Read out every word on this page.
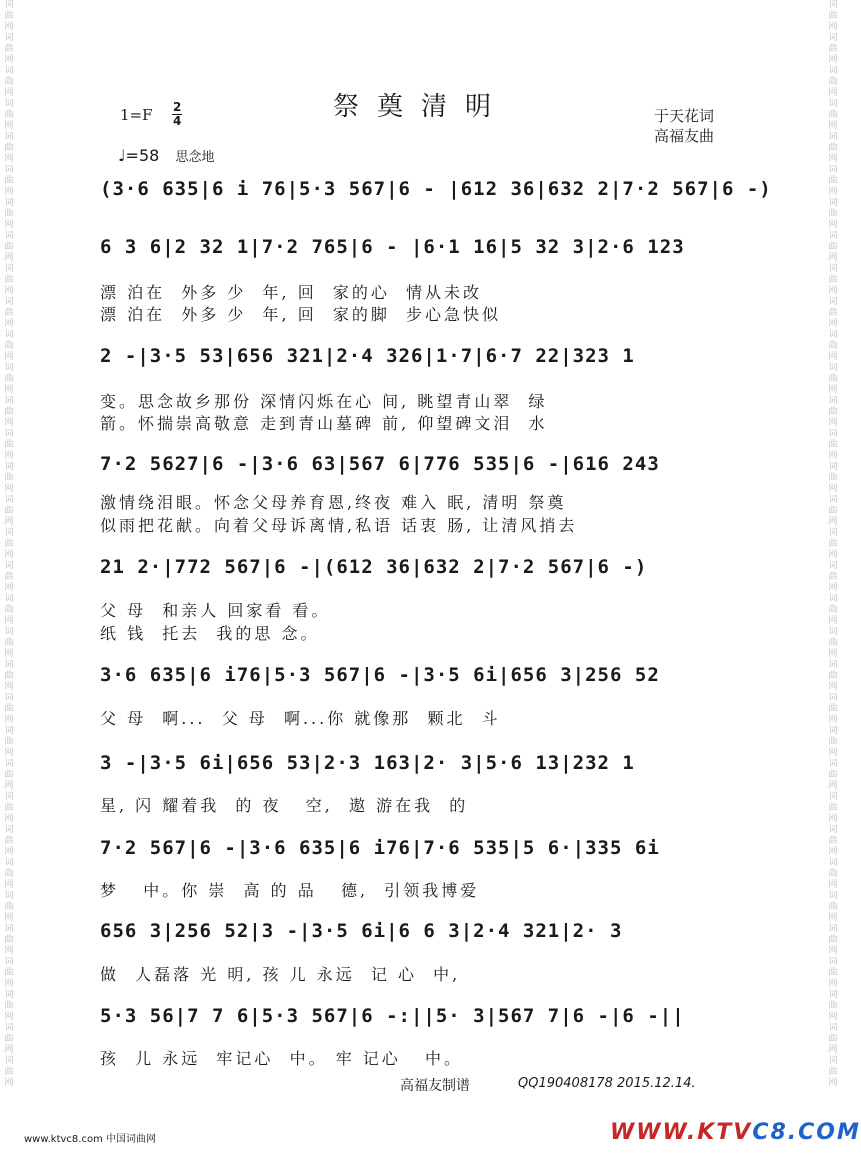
词曲网词曲网词曲网词曲网词曲网词曲网词曲网词曲网词曲网词曲网词曲网词曲网词曲网词曲网词曲网词曲网词曲网词曲网词曲网词曲网词曲网词曲网词曲网词曲网词曲网词曲网词曲网词曲网词曲网词曲网词曲网词曲网词曲网
词曲网词曲网词曲网词曲网词曲网词曲网词曲网词曲网词曲网词曲网词曲网词曲网词曲网词曲网词曲网词曲网词曲网词曲网词曲网词曲网词曲网词曲网词曲网词曲网词曲网词曲网词曲网词曲网词曲网词曲网词曲网词曲网词曲网
祭奠清明
1=F 2
4	于天花词
高福友曲
♩=58 思念地
(3·6 635|6 i 76|5·3 567|6 - |612 36|632 2|7·2 567|6 -)
6 3 6|2 32 1|7·2 765|6 - |6·1 16|5 32 3|2·6 123
漂 泊在  外多 少  年, 回  家的心  情从未改
漂 泊在  外多 少  年, 回  家的脚  步心急快似
2 -|3·5 53|656 321|2·4 326|1·7|6·7 22|323 1
变。思念故乡那份 深情闪烁在心 间, 眺望青山翠  绿
箭。怀揣崇高敬意 走到青山墓碑 前, 仰望碑文泪  水
7·2 5627|6 -|3·6 63|567 6|776 535|6 -|616 243
激情绕泪眼。怀念父母养育恩,终夜 难入 眠, 清明 祭奠
似雨把花献。向着父母诉离情,私语 话衷 肠, 让清风捎去
21 2·|772 567|6 -|(612 36|632 2|7·2 567|6 -)
父 母  和亲人 回家看 看。
纸 钱  托去  我的思 念。
3·6 635|6 i76|5·3 567|6 -|3·5 6i|656 3|256 52
父 母  啊...  父 母  啊...你 就像那  颗北  斗
3 -|3·5 6i|656 53|2·3 163|2· 3|5·6 13|232 1
星, 闪 耀着我  的 夜   空,  遨 游在我  的
7·2 567|6 -|3·6 635|6 i76|7·6 535|5 6·|335 6i
梦   中。你 崇  高 的 品   德,  引领我博爱
656 3|256 52|3 -|3·5 6i|6 6 3|2·4 321|2· 3
做  人磊落 光 明, 孩 儿 永远  记 心  中,
5·3 56|7 7 6|5·3 567|6 -:||5· 3|567 7|6 -|6 -||
孩  儿 永远  牢记心  中。 牢 记心   中。
高福友制谱	QQ190408178 2015.12.14.
www.ktvc8.com 中国词曲网	WWW.KTVC8.COM
